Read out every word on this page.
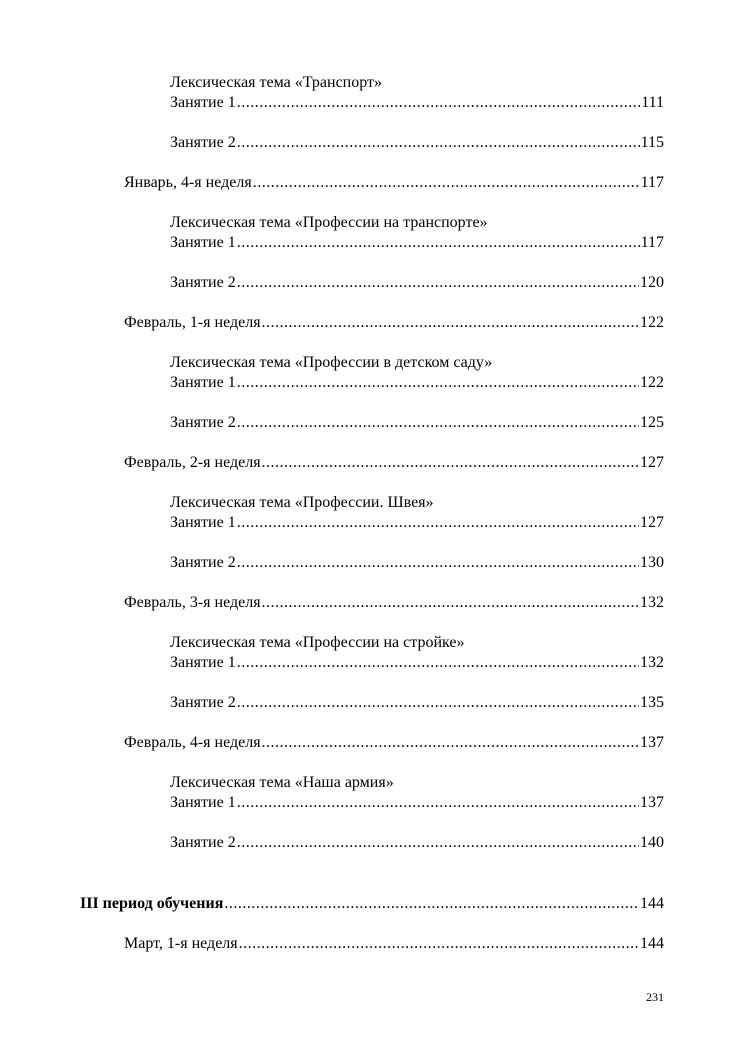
Лексическая тема «Транспорт»
Занятие 1 .....	111
Занятие 2 .....	115
Январь, 4-я неделя .....	117
Лексическая тема «Профессии на транспорте»
Занятие 1 .....	117
Занятие 2 .....	120
Февраль, 1-я неделя .....	122
Лексическая тема «Профессии в детском саду»
Занятие 1 .....	122
Занятие 2 .....	125
Февраль, 2-я неделя .....	127
Лексическая тема «Профессии. Швея»
Занятие 1 .....	127
Занятие 2 .....	130
Февраль, 3-я неделя .....	132
Лексическая тема «Профессии на стройке»
Занятие 1 .....	132
Занятие 2 .....	135
Февраль, 4-я неделя .....	137
Лексическая тема «Наша армия»
Занятие 1 .....	137
Занятие 2 .....	140
III период обучения .....	144
Март, 1-я неделя .....	144
231
